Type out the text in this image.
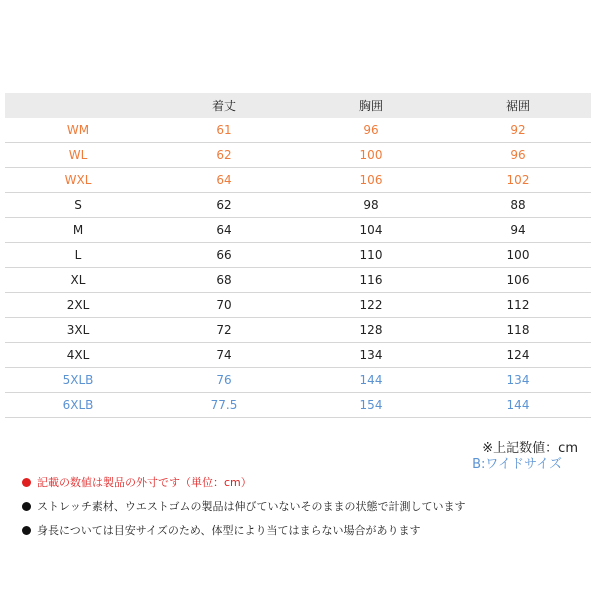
	着丈	胸囲	裾囲
WM	61	96	92
WL	62	100	96
WXL	64	106	102
S	62	98	88
M	64	104	94
L	66	110	100
XL	68	116	106
2XL	70	122	112
3XL	72	128	118
4XL	74	134	124
5XLB	76	144	134
6XLB	77.5	154	144
※上記数値：cm
B:ワイドサイズ
記載の数値は製品の外寸です（単位：cm）
ストレッチ素材、ウエストゴムの製品は伸びていないそのままの状態で計測しています
身長については目安サイズのため、体型により当てはまらない場合があります
